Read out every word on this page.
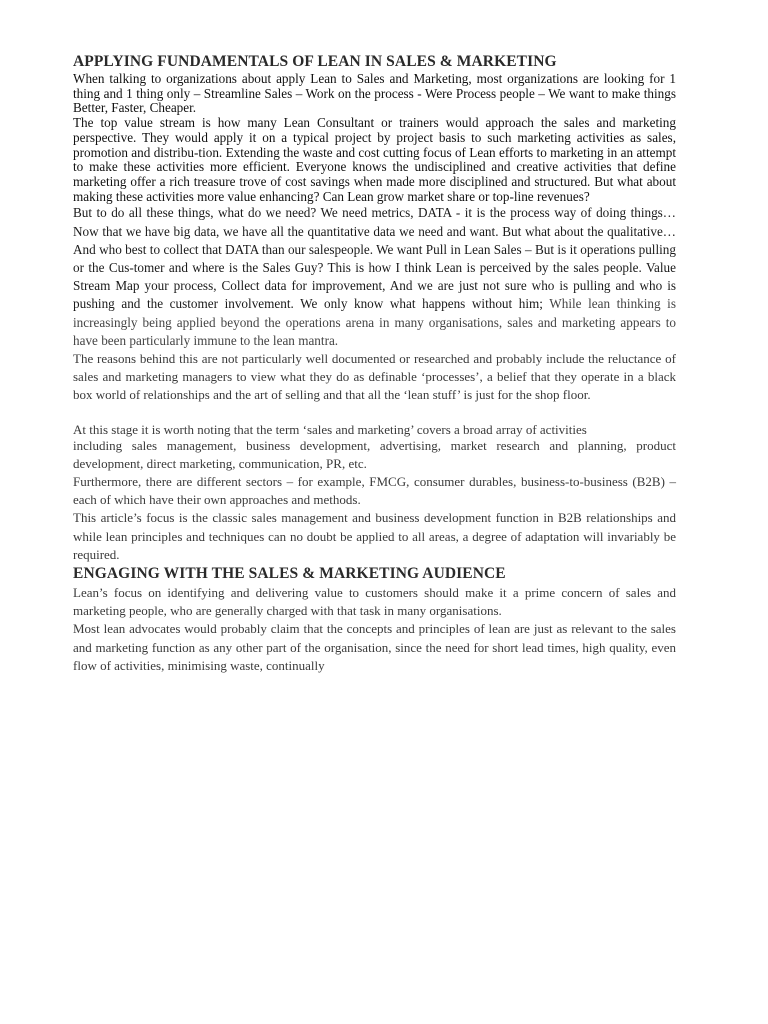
APPLYING FUNDAMENTALS OF LEAN IN SALES & MARKETING

When talking to organizations about apply Lean to Sales and Marketing, most organizations are looking for 1 thing and 1 thing only – Streamline Sales – Work on the process - Were Process people – We want to make things Better, Faster, Cheaper.

The top value stream is how many Lean Consultant or trainers would approach the sales and marketing perspective. They would apply it on a typical project by project basis to such marketing activities as sales, promotion and distribu-tion. Extending the waste and cost cutting focus of Lean efforts to marketing in an attempt to make these activities more efficient. Everyone knows the undisciplined and creative activities that define marketing offer a rich treasure trove of cost savings when made more disciplined and structured. But what about making these activities more value enhancing? Can Lean grow market share or top-line revenues?

But to do all these things, what do we need? We need metrics, DATA - it is the process way of doing things…Now that we have big data, we have all the quantitative data we need and want. But what about the qualitative… And who best to collect that DATA than our salespeople. We want Pull in Lean Sales – But is it operations pulling or the Cus-tomer and where is the Sales Guy? This is how I think Lean is perceived by the sales people. Value Stream Map your process, Collect data for improvement, And we are just not sure who is pulling and who is pushing and the customer involvement. We only know what happens without him; While lean thinking is increasingly being applied beyond the operations arena in many organisations, sales and marketing appears to have been particularly immune to the lean mantra.

The reasons behind this are not particularly well documented or researched and probably include the reluctance of sales and marketing managers to view what they do as definable ‘processes’, a belief that they operate in a black box world of relationships and the art of selling and that all the ‘lean stuff’ is just for the shop floor.

At this stage it is worth noting that the term ‘sales and marketing’ covers a broad array of activities

including sales management, business development, advertising, market research and planning, product development, direct marketing, communication, PR, etc.

Furthermore, there are different sectors – for example, FMCG, consumer durables, business-to-business (B2B) – each of which have their own approaches and methods.

This article’s focus is the classic sales management and business development function in B2B relationships and while lean principles and techniques can no doubt be applied to all areas, a degree of adaptation will invariably be required.

ENGAGING WITH THE SALES & MARKETING AUDIENCE

Lean’s focus on identifying and delivering value to customers should make it a prime concern of sales and marketing people, who are generally charged with that task in many organisations.

Most lean advocates would probably claim that the concepts and principles of lean are just as relevant to the sales and marketing function as any other part of the organisation, since the need for short lead times, high quality, even flow of activities, minimising waste, continually
